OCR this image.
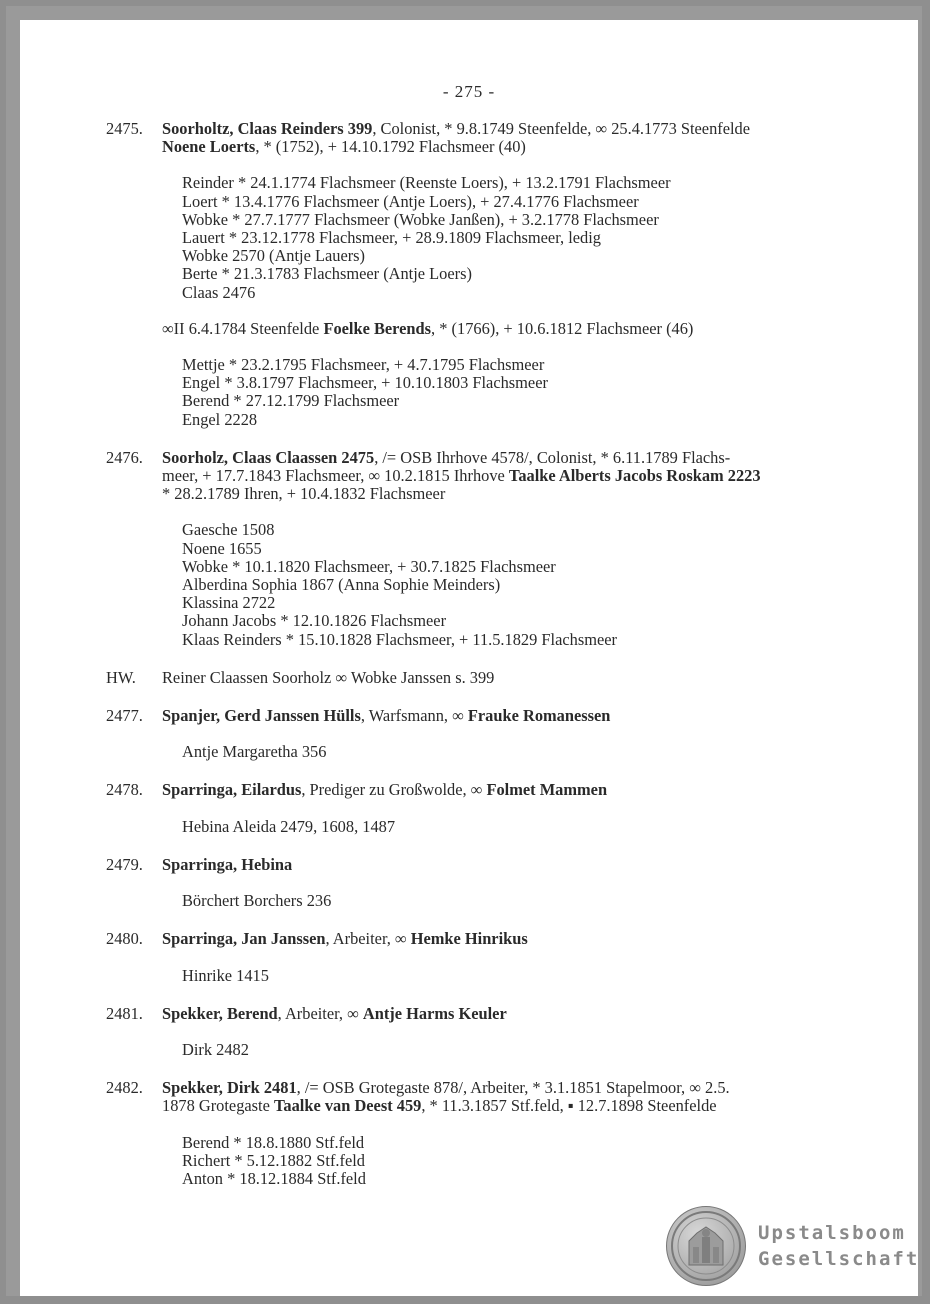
- 275 -
2475.	Soorholtz, Claas Reinders 399, Colonist, * 9.8.1749 Steenfelde, ∞ 25.4.1773 Steenfelde

Noene Loerts, * (1752), + 14.10.1792 Flachsmeer (40)

Reinder * 24.1.1774 Flachsmeer (Reenste Loers), + 13.2.1791 Flachsmeer
Loert * 13.4.1776 Flachsmeer (Antje Loers), + 27.4.1776 Flachsmeer
Wobke * 27.7.1777 Flachsmeer (Wobke Janßen), + 3.2.1778 Flachsmeer
Lauert * 23.12.1778 Flachsmeer, + 28.9.1809 Flachsmeer, ledig
Wobke 2570 (Antje Lauers)
Berte * 21.3.1783 Flachsmeer (Antje Loers)
Claas 2476

∞II 6.4.1784 Steenfelde Foelke Berends, * (1766), + 10.6.1812 Flachsmeer (46)

Mettje * 23.2.1795 Flachsmeer, + 4.7.1795 Flachsmeer
Engel * 3.8.1797 Flachsmeer, + 10.10.1803 Flachsmeer
Berend * 27.12.1799 Flachsmeer
Engel 2228
2476.	Soorholz, Claas Claassen 2475, /= OSB Ihrhove 4578/, Colonist, * 6.11.1789 Flachs-

meer, + 17.7.1843 Flachsmeer, ∞ 10.2.1815 Ihrhove Taalke Alberts Jacobs Roskam 2223

* 28.2.1789 Ihren, + 10.4.1832 Flachsmeer

Gaesche 1508
Noene 1655
Wobke * 10.1.1820 Flachsmeer, + 30.7.1825 Flachsmeer
Alberdina Sophia 1867 (Anna Sophie Meinders)
Klassina 2722
Johann Jacobs * 12.10.1826 Flachsmeer
Klaas Reinders * 15.10.1828 Flachsmeer, + 11.5.1829 Flachsmeer
HW.	Reiner Claassen Soorholz ∞ Wobke Janssen s. 399

2477.	Spanjer, Gerd Janssen Hülls, Warfsmann, ∞ Frauke Romanessen

Antje Margaretha 356
2478.	Sparringa, Eilardus, Prediger zu Großwolde, ∞ Folmet Mammen

Hebina Aleida 2479, 1608, 1487
2479.	Sparringa, Hebina

Börchert Borchers 236
2480.	Sparringa, Jan Janssen, Arbeiter, ∞ Hemke Hinrikus

Hinrike 1415
2481.	Spekker, Berend, Arbeiter, ∞ Antje Harms Keuler

Dirk 2482
2482.	Spekker, Dirk 2481, /= OSB Grotegaste 878/, Arbeiter, * 3.1.1851 Stapelmoor, ∞ 2.5.

1878 Grotegaste Taalke van Deest 459, * 11.3.1857 Stf.feld, ▪ 12.7.1898 Steenfelde

Berend * 18.8.1880 Stf.feld
Richert * 5.12.1882 Stf.feld
Anton * 18.12.1884 Stf.feld
Upstalsboom
Gesellschaft
